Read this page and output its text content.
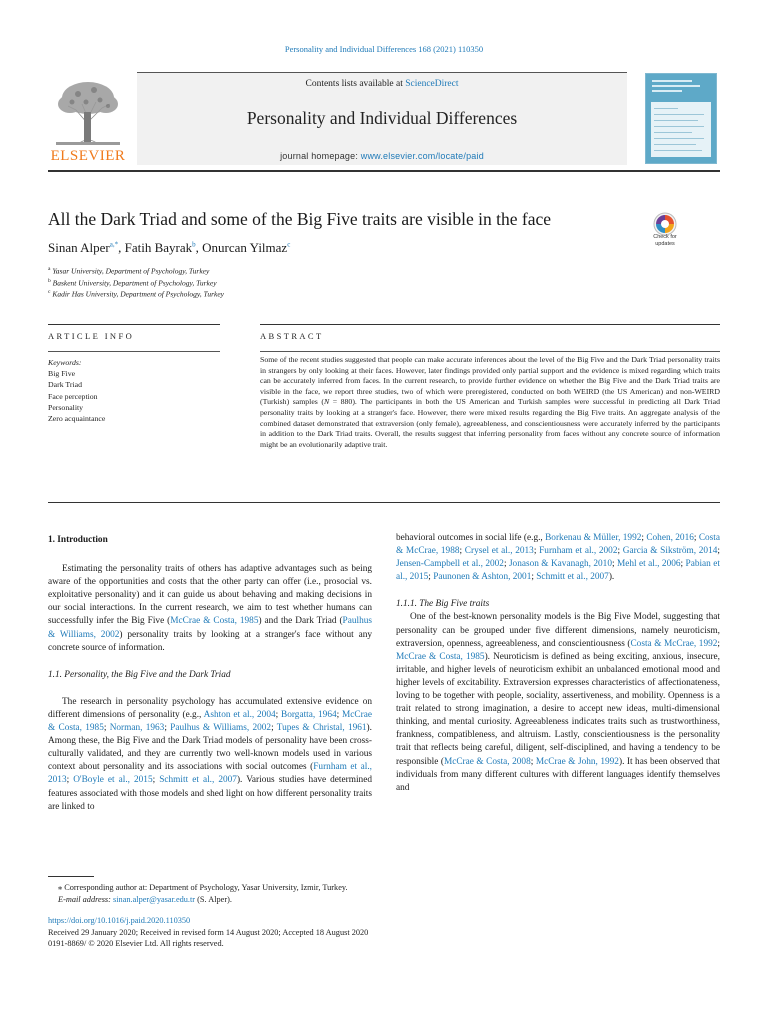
Personality and Individual Differences 168 (2021) 110350
Contents lists available at ScienceDirect
Personality and Individual Differences
journal homepage: www.elsevier.com/locate/paid
ELSEVIER
All the Dark Triad and some of the Big Five traits are visible in the face
Sinan Alper$^{a,*}$, Fatih Bayrak$^b$, Onurcan Yilmaz$^c$
$^a$ Yasar University, Department of Psychology, Turkey
$^b$ Baskent University, Department of Psychology, Turkey
$^c$ Kadir Has University, Department of Psychology, Turkey
Check for
updates
ARTICLE INFO	ABSTRACT
Keywords:
Big Five
Dark Triad
Face perception
Personality
Zero acquaintance
Some of the recent studies suggested that people can make accurate inferences about the level of the Big Five and the Dark Triad personality traits in strangers by only looking at their faces. However, later findings provided only partial support and the evidence is mixed regarding which traits can be accurately inferred from faces. In the current research, to provide further evidence on whether the Big Five and the Dark Triad traits are visible in the face, we report three studies, two of which were preregistered, conducted on both WEIRD (the US American) and non-WEIRD (Turkish) samples (N = 880). The participants in both the US American and Turkish samples were successful in predicting all Dark Triad personality traits by looking at a stranger's face. However, there were mixed results regarding the Big Five traits. An aggregate analysis of the combined dataset demonstrated that extraversion (only female), agreeableness, and conscientiousness were accurately inferred by the participants in addition to the Dark Triad traits. Overall, the results suggest that inferring personality from faces without any concrete source of information might be an evolutionarily adaptive trait.

1. Introduction

Estimating the personality traits of others has adaptive advantages such as being aware of the opportunities and costs that the other party can offer (i.e., prosocial vs. exploitative personality) and it can guide us about behaving and making decisions in our social interactions. In the current research, we aim to test whether humans can successfully infer the Big Five (McCrae & Costa, 1985) and the Dark Triad (Paulhus & Williams, 2002) personality traits by looking at a stranger's face without any concrete source of information.

1.1. Personality, the Big Five and the Dark Triad

The research in personality psychology has accumulated extensive evidence on different dimensions of personality (e.g., Ashton et al., 2004; Borgatta, 1964; McCrae & Costa, 1985; Norman, 1963; Paulhus & Williams, 2002; Tupes & Christal, 1961). Among these, the Big Five and the Dark Triad models of personality have been cross-culturally validated, and they are currently two well-known models used in various context about personality and its associations with social outcomes (Furnham et al., 2013; O'Boyle et al., 2015; Schmitt et al., 2007). Various studies have determined features associated with those models and shed light on how different personality traits are linked to

behavioral outcomes in social life (e.g., Borkenau & Müller, 1992; Cohen, 2016; Costa & McCrae, 1988; Crysel et al., 2013; Furnham et al., 2002; Garcia & Sikström, 2014; Jensen-Campbell et al., 2002; Jonason & Kavanagh, 2010; Mehl et al., 2006; Pabian et al., 2015; Paunonen & Ashton, 2001; Schmitt et al., 2007).

1.1.1. The Big Five traits

One of the best-known personality models is the Big Five Model, suggesting that personality can be grouped under five different dimensions, namely neuroticism, extraversion, openness, agreeableness, and conscientiousness (Costa & McCrae, 1992; McCrae & Costa, 1985). Neuroticism is defined as being exciting, anxious, insecure, irritable, and higher levels of neuroticism exhibit an unbalanced emotional mood and higher levels of excitability. Extraversion expresses characteristics of affectionateness, loving to be together with people, sociality, assertiveness, and mobility. Openness is a trait related to strong imagination, a desire to accept new ideas, multi-dimensional thinking, and mental curiosity. Agreeableness indicates traits such as trustworthiness, frankness, compatibleness, and altruism. Lastly, conscientiousness is the personality trait that reflects being careful, diligent, self-disciplined, and having a tendency to be responsible (McCrae & Costa, 2008; McCrae & John, 1992). It has been observed that individuals from many different cultures with different languages identify themselves and

⁎ Corresponding author at: Department of Psychology, Yasar University, Izmir, Turkey.
E-mail address: sinan.alper@yasar.edu.tr (S. Alper).
https://doi.org/10.1016/j.paid.2020.110350
Received 29 January 2020; Received in revised form 14 August 2020; Accepted 18 August 2020
0191-8869/ © 2020 Elsevier Ltd. All rights reserved.
